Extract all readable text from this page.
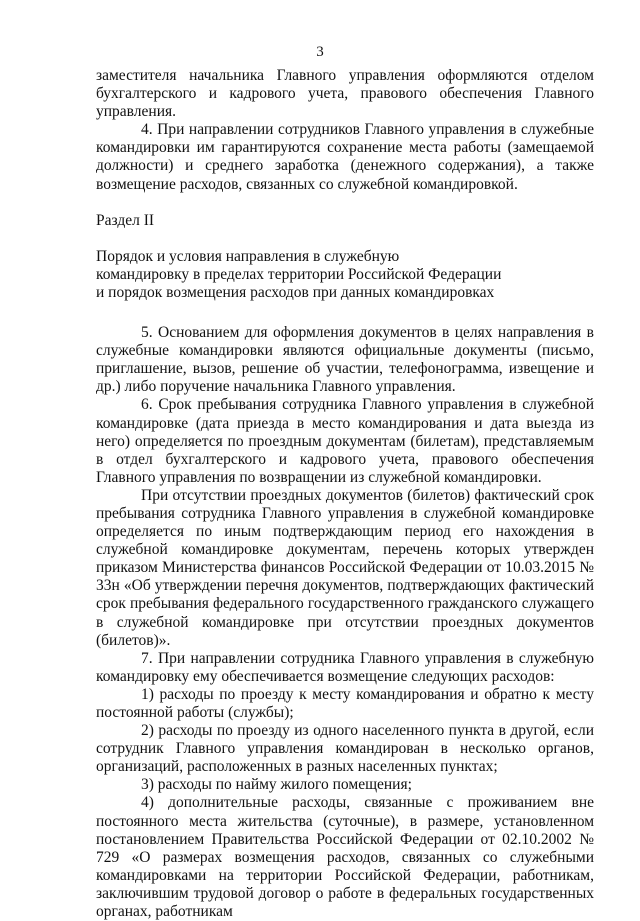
3

заместителя начальника Главного управления оформляются отделом бухгалтерского и кадрового учета, правового обеспечения Главного управления.

4. При направлении сотрудников Главного управления в служебные командировки им гарантируются сохранение места работы (замещаемой должности) и среднего заработка (денежного содержания), а также возмещение расходов, связанных со служебной командировкой.

Раздел II

Порядок и условия направления в служебную

командировку в пределах территории Российской Федерации

и порядок возмещения расходов при данных командировках

5. Основанием для оформления документов в целях направления в служебные командировки являются официальные документы (письмо, приглашение, вызов, решение об участии, телефонограмма, извещение и др.) либо поручение начальника Главного управления.

6. Срок пребывания сотрудника Главного управления в служебной командировке (дата приезда в место командирования и дата выезда из него) определяется по проездным документам (билетам), представляемым в отдел бухгалтерского и кадрового учета, правового обеспечения Главного управления по возвращении из служебной командировки.

При отсутствии проездных документов (билетов) фактический срок пребывания сотрудника Главного управления в служебной командировке определяется по иным подтверждающим период его нахождения в служебной командировке документам, перечень которых утвержден приказом Министерства финансов Российской Федерации от 10.03.2015 № 33н «Об утверждении перечня документов, подтверждающих фактический срок пребывания федерального государственного гражданского служащего в служебной командировке при отсутствии проездных документов (билетов)».

7. При направлении сотрудника Главного управления в служебную командировку ему обеспечивается возмещение следующих расходов:

1) расходы по проезду к месту командирования и обратно к месту постоянной работы (службы);

2) расходы по проезду из одного населенного пункта в другой, если сотрудник Главного управления командирован в несколько органов, организаций, расположенных в разных населенных пунктах;

3) расходы по найму жилого помещения;

4) дополнительные расходы, связанные с проживанием вне постоянного места жительства (суточные), в размере, установленном постановлением Правительства Российской Федерации от 02.10.2002 № 729 «О размерах возмещения расходов, связанных со служебными командировками на территории Российской Федерации, работникам, заключившим трудовой договор о работе в федеральных государственных органах, работникам
